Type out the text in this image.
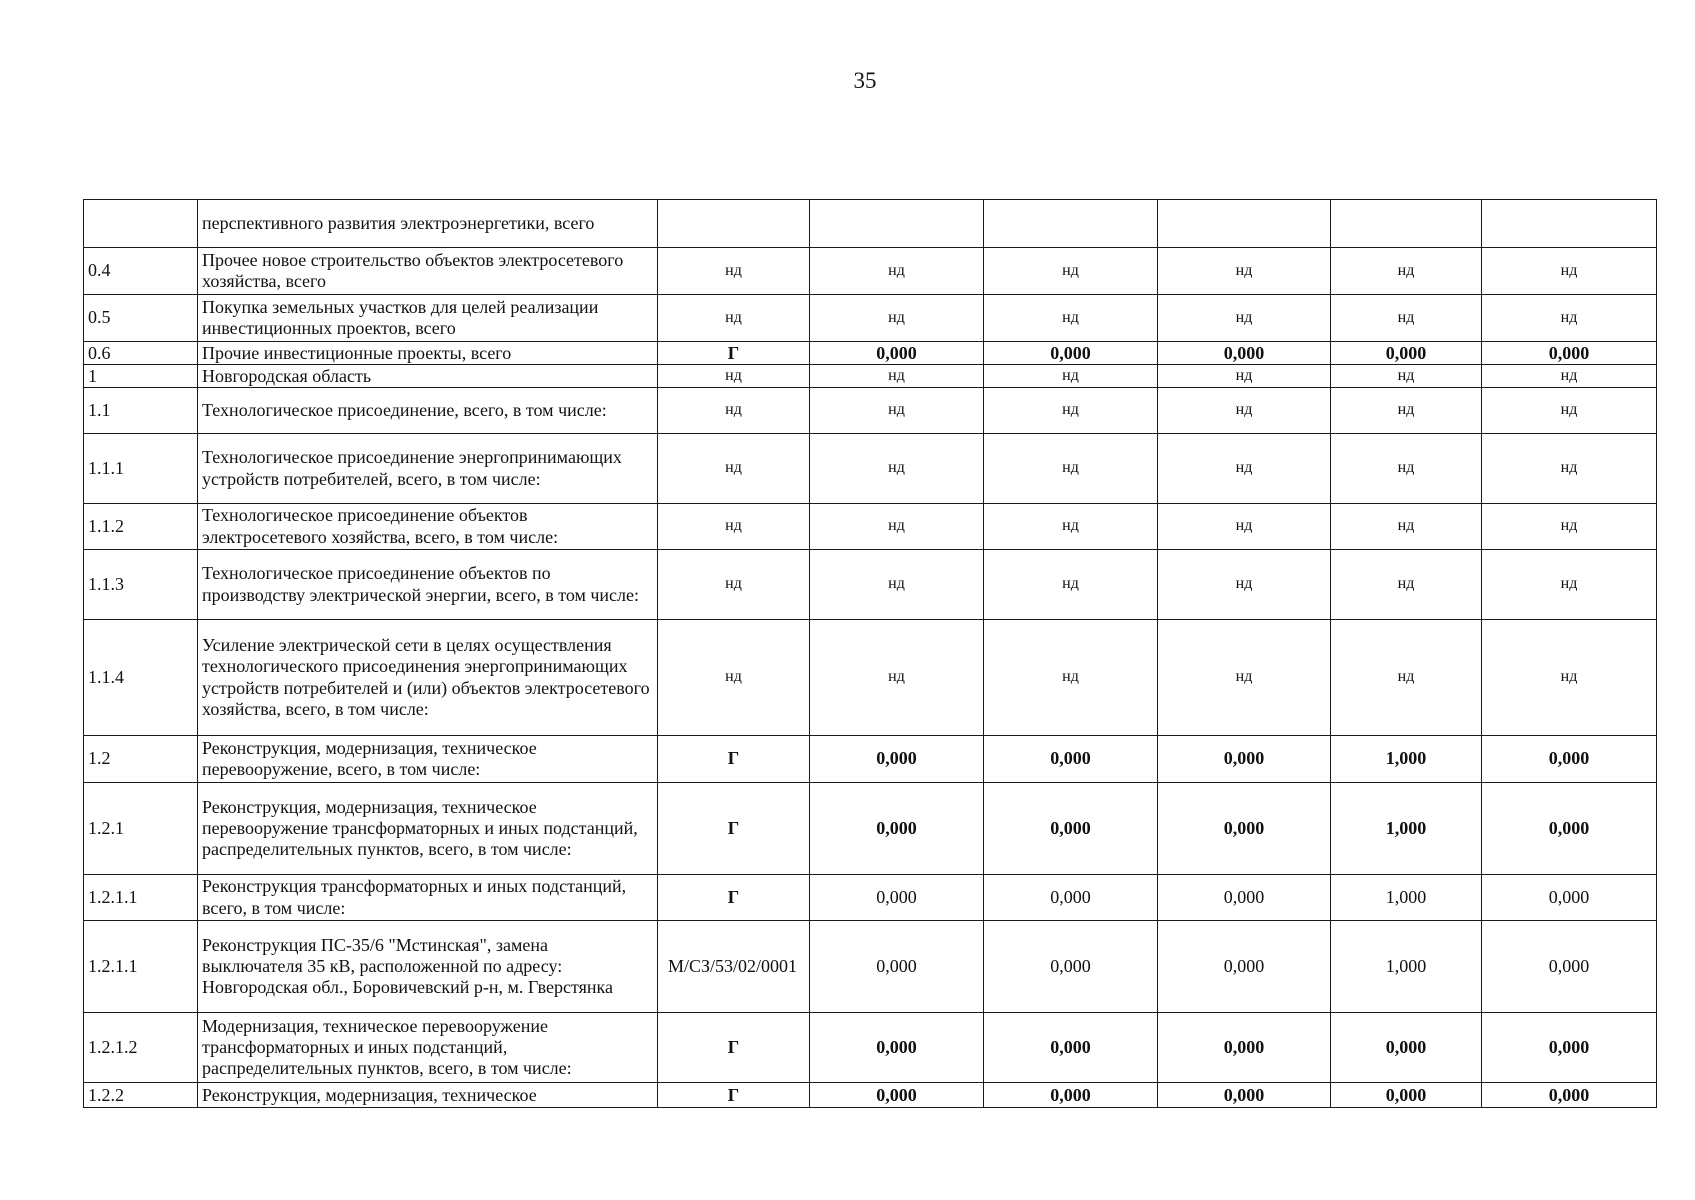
35
	перспективного развития электроэнергетики, всего						
0.4	Прочее новое строительство объектов электросетевого хозяйства, всего	нд	нд	нд	нд	нд	нд
0.5	Покупка земельных участков для целей реализации инвестиционных проектов, всего	нд	нд	нд	нд	нд	нд
0.6	Прочие инвестиционные проекты, всего	Г	0,000	0,000	0,000	0,000	0,000
1	Новгородская область	нд	нд	нд	нд	нд	нд
1.1	Технологическое присоединение, всего, в том числе:	нд	нд	нд	нд	нд	нд
1.1.1	Технологическое присоединение энергопринимающих устройств потребителей, всего, в том числе:	нд	нд	нд	нд	нд	нд
1.1.2	Технологическое присоединение объектов электросетевого хозяйства, всего, в том числе:	нд	нд	нд	нд	нд	нд
1.1.3	Технологическое присоединение объектов по производству электрической энергии, всего, в том числе:	нд	нд	нд	нд	нд	нд
1.1.4	Усиление электрической сети в целях осуществления технологического присоединения энергопринимающих устройств потребителей и (или) объектов электросетевого хозяйства, всего, в том числе:	нд	нд	нд	нд	нд	нд
1.2	Реконструкция, модернизация, техническое перевооружение, всего, в том числе:	Г	0,000	0,000	0,000	1,000	0,000
1.2.1	Реконструкция, модернизация, техническое перевооружение трансформаторных и иных подстанций, распределительных пунктов, всего, в том числе:	Г	0,000	0,000	0,000	1,000	0,000
1.2.1.1	Реконструкция трансформаторных и иных подстанций, всего, в том числе:	Г	0,000	0,000	0,000	1,000	0,000
1.2.1.1	Реконструкция ПС-35/6 "Мстинская", замена выключателя 35 кВ, расположенной по адресу: Новгородская обл., Боровичевский р-н, м. Гверстянка	М/СЗ/53/02/0001	0,000	0,000	0,000	1,000	0,000
1.2.1.2	Модернизация, техническое перевооружение трансформаторных и иных подстанций, распределительных пунктов, всего, в том числе:	Г	0,000	0,000	0,000	0,000	0,000
1.2.2	Реконструкция, модернизация, техническое	Г	0,000	0,000	0,000	0,000	0,000
